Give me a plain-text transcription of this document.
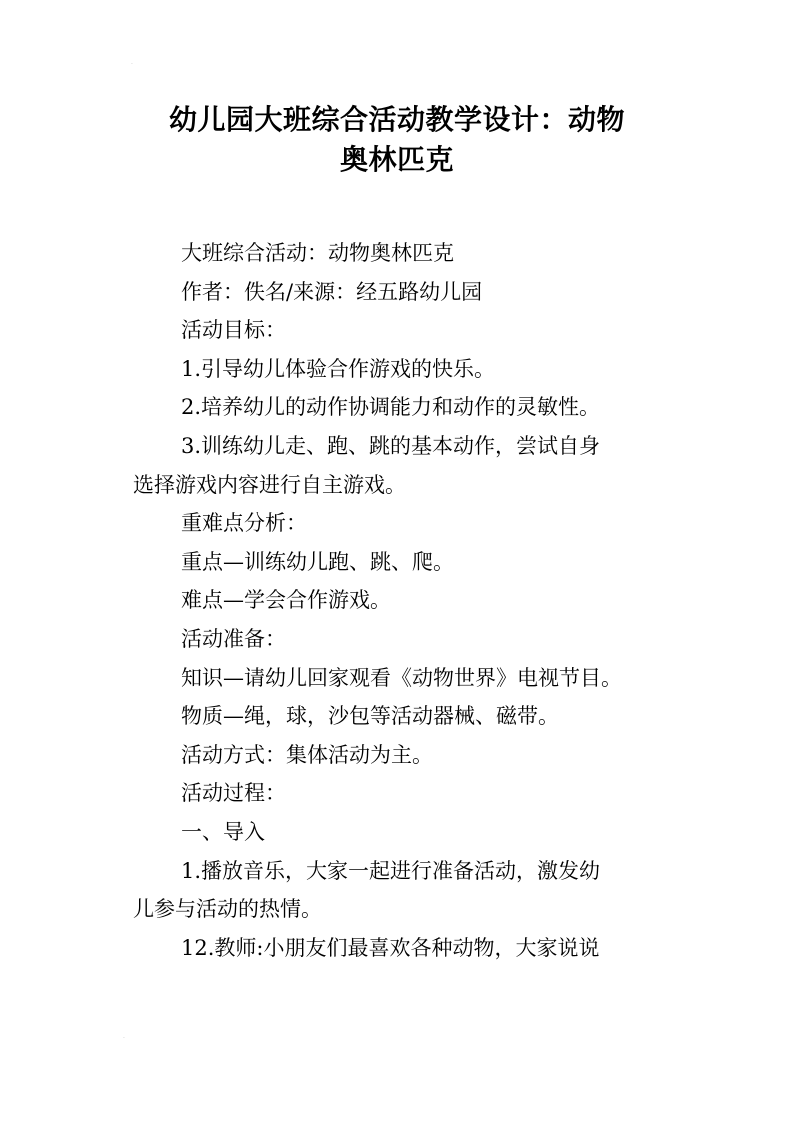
·
·
幼儿园大班综合活动教学设计：动物
奥林匹克

大班综合活动：动物奥林匹克

作者：佚名/来源：经五路幼儿园

活动目标：

1.引导幼儿体验合作游戏的快乐。

2.培养幼儿的动作协调能力和动作的灵敏性。

3.训练幼儿走、跑、跳的基本动作，尝试自身

选择游戏内容进行自主游戏。

重难点分析：

重点—训练幼儿跑、跳、爬。

难点—学会合作游戏。

活动准备：

知识—请幼儿回家观看《动物世界》电视节目。

物质—绳，球，沙包等活动器械、磁带。

活动方式：集体活动为主。

活动过程：

一、导入

1.播放音乐，大家一起进行准备活动，激发幼

儿参与活动的热情。

12.教师:小朋友们最喜欢各种动物，大家说说
